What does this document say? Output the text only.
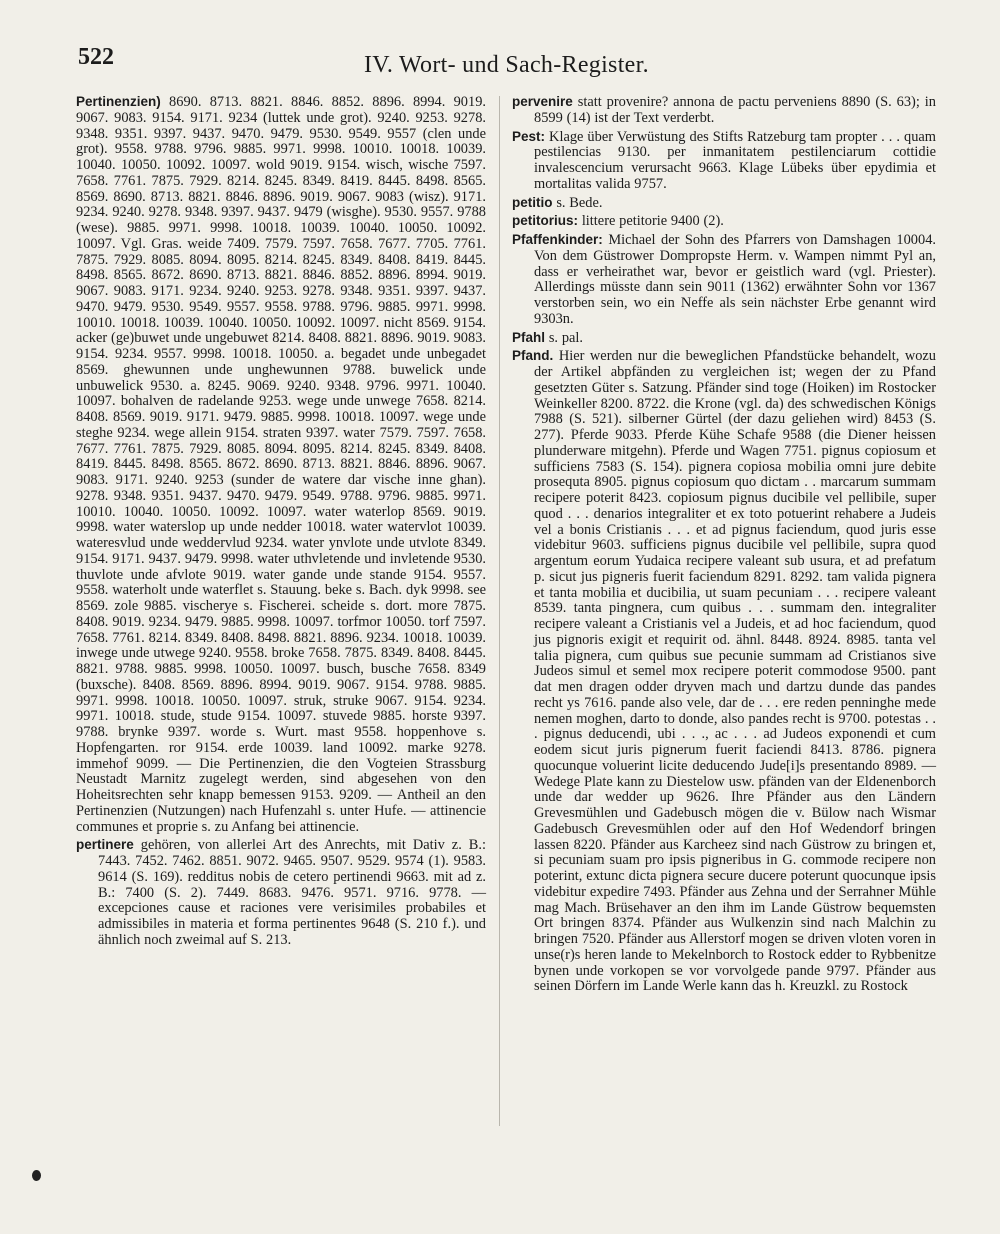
522	IV. Wort- und Sach-Register.

Pertinenzien) 8690. 8713. 8821. 8846. 8852. 8896. 8994. 9019. 9067. 9083. 9154. 9171. 9234 (luttek unde grot). 9240. 9253. 9278. 9348. 9351. 9397. 9437. 9470. 9479. 9530. 9549. 9557 (clen unde grot). 9558. 9788. 9796. 9885. 9971. 9998. 10010. 10018. 10039. 10040. 10050. 10092. 10097. wold 9019. 9154. wisch, wische 7597. 7658. 7761. 7875. 7929. 8214. 8245. 8349. 8419. 8445. 8498. 8565. 8569. 8690. 8713. 8821. 8846. 8896. 9019. 9067. 9083 (wisz). 9171. 9234. 9240. 9278. 9348. 9397. 9437. 9479 (wisghe). 9530. 9557. 9788 (wese). 9885. 9971. 9998. 10018. 10039. 10040. 10050. 10092. 10097. Vgl. Gras. weide 7409. 7579. 7597. 7658. 7677. 7705. 7761. 7875. 7929. 8085. 8094. 8095. 8214. 8245. 8349. 8408. 8419. 8445. 8498. 8565. 8672. 8690. 8713. 8821. 8846. 8852. 8896. 8994. 9019. 9067. 9083. 9171. 9234. 9240. 9253. 9278. 9348. 9351. 9397. 9437. 9470. 9479. 9530. 9549. 9557. 9558. 9788. 9796. 9885. 9971. 9998. 10010. 10018. 10039. 10040. 10050. 10092. 10097. nicht 8569. 9154. acker (ge)buwet unde ungebuwet 8214. 8408. 8821. 8896. 9019. 9083. 9154. 9234. 9557. 9998. 10018. 10050. a. begadet unde unbegadet 8569. ghewunnen unde unghewunnen 9788. buwelick unde unbuwelick 9530. a. 8245. 9069. 9240. 9348. 9796. 9971. 10040. 10097. bohalven de radelande 9253. wege unde unwege 7658. 8214. 8408. 8569. 9019. 9171. 9479. 9885. 9998. 10018. 10097. wege unde steghe 9234. wege allein 9154. straten 9397. water 7579. 7597. 7658. 7677. 7761. 7875. 7929. 8085. 8094. 8095. 8214. 8245. 8349. 8408. 8419. 8445. 8498. 8565. 8672. 8690. 8713. 8821. 8846. 8896. 9067. 9083. 9171. 9240. 9253 (sunder de watere dar vische inne ghan). 9278. 9348. 9351. 9437. 9470. 9479. 9549. 9788. 9796. 9885. 9971. 10010. 10040. 10050. 10092. 10097. water waterlop 8569. 9019. 9998. water waterslop up unde nedder 10018. water watervlot 10039. wateresvlud unde weddervlud 9234. water ynvlote unde utvlote 8349. 9154. 9171. 9437. 9479. 9998. water uthvletende und invletende 9530. thuvlote unde afvlote 9019. water gande unde stande 9154. 9557. 9558. waterholt unde waterflet s. Stauung. beke s. Bach. dyk 9998. see 8569. zole 9885. vischerye s. Fischerei. scheide s. dort. more 7875. 8408. 9019. 9234. 9479. 9885. 9998. 10097. torfmor 10050. torf 7597. 7658. 7761. 8214. 8349. 8408. 8498. 8821. 8896. 9234. 10018. 10039. inwege unde utwege 9240. 9558. broke 7658. 7875. 8349. 8408. 8445. 8821. 9788. 9885. 9998. 10050. 10097. busch, busche 7658. 8349 (buxsche). 8408. 8569. 8896. 8994. 9019. 9067. 9154. 9788. 9885. 9971. 9998. 10018. 10050. 10097. struk, struke 9067. 9154. 9234. 9971. 10018. stude, stude 9154. 10097. stuvede 9885. horste 9397. 9788. brynke 9397. worde s. Wurt. mast 9558. hoppenhove s. Hopfengarten. ror 9154. erde 10039. land 10092. marke 9278. immehof 9099. — Die Pertinenzien, die den Vogteien Strassburg Neustadt Marnitz zugelegt werden, sind abgesehen von den Hoheitsrechten sehr knapp bemessen 9153. 9209. — Antheil an den Pertinenzien (Nutzungen) nach Hufenzahl s. unter Hufe. — attinencie communes et proprie s. zu Anfang bei attinencie.

pertinere gehören, von allerlei Art des Anrechts, mit Dativ z. B.: 7443. 7452. 7462. 8851. 9072. 9465. 9507. 9529. 9574 (1). 9583. 9614 (S. 169). redditus nobis de cetero pertinendi 9663. mit ad z. B.: 7400 (S. 2). 7449. 8683. 9476. 9571. 9716. 9778. — excepciones cause et raciones vere verisimiles probabiles et admissibiles in materia et forma pertinentes 9648 (S. 210 f.). und ähnlich noch zweimal auf S. 213.

pervenire statt provenire? annona de pactu perveniens 8890 (S. 63); in 8599 (14) ist der Text verderbt.

Pest: Klage über Verwüstung des Stifts Ratzeburg tam propter . . . quam pestilencias 9130. per inmanitatem pestilenciarum cottidie invalescencium verursacht 9663. Klage Lübeks über epydimia et mortalitas valida 9757.

petitio s. Bede.

petitorius: littere petitorie 9400 (2).

Pfaffenkinder: Michael der Sohn des Pfarrers von Damshagen 10004. Von dem Güstrower Dompropste Herm. v. Wampen nimmt Pyl an, dass er verheirathet war, bevor er geistlich ward (vgl. Priester). Allerdings müsste dann sein 9011 (1362) erwähnter Sohn vor 1367 verstorben sein, wo ein Neffe als sein nächster Erbe genannt wird 9303n.

Pfahl s. pal.

Pfand. Hier werden nur die beweglichen Pfandstücke behandelt, wozu der Artikel abpfänden zu vergleichen ist; wegen der zu Pfand gesetzten Güter s. Satzung. Pfänder sind toge (Hoiken) im Rostocker Weinkeller 8200. 8722. die Krone (vgl. da) des schwedischen Königs 7988 (S. 521). silberner Gürtel (der dazu geliehen wird) 8453 (S. 277). Pferde 9033. Pferde Kühe Schafe 9588 (die Diener heissen plunderware mitgehn). Pferde und Wagen 7751. pignus copiosum et sufficiens 7583 (S. 154). pignera copiosa mobilia omni jure debite prosequta 8905. pignus copiosum quo dictam . . marcarum summam recipere poterit 8423. copiosum pignus ducibile vel pellibile, super quod . . . denarios integraliter et ex toto potuerint rehabere a Judeis vel a bonis Cristianis . . . et ad pignus faciendum, quod juris esse videbitur 9603. sufficiens pignus ducibile vel pellibile, supra quod argentum eorum Yudaica recipere valeant sub usura, et ad prefatum p. sicut jus pigneris fuerit faciendum 8291. 8292. tam valida pignera et tanta mobilia et ducibilia, ut suam pecuniam . . . recipere valeant 8539. tanta pingnera, cum quibus . . . summam den. integraliter recipere valeant a Cristianis vel a Judeis, et ad hoc faciendum, quod jus pignoris exigit et requirit od. ähnl. 8448. 8924. 8985. tanta vel talia pignera, cum quibus sue pecunie summam ad Cristianos sive Judeos simul et semel mox recipere poterit commodose 9500. pant dat men dragen odder dryven mach und dartzu dunde das pandes recht ys 7616. pande also vele, dar de . . . ere reden penninghe mede nemen moghen, darto to donde, also pandes recht is 9700. potestas . . . pignus deducendi, ubi . . ., ac . . . ad Judeos exponendi et cum eodem sicut juris pignerum fuerit faciendi 8413. 8786. pignera quocunque voluerint licite deducendo Jude[i]s presentando 8989. — Wedege Plate kann zu Diestelow usw. pfänden van der Eldenenborch unde dar wedder up 9626. Ihre Pfänder aus den Ländern Grevesmühlen und Gadebusch mögen die v. Bülow nach Wismar Gadebusch Grevesmühlen oder auf den Hof Wedendorf bringen lassen 8220. Pfänder aus Karcheez sind nach Güstrow zu bringen et, si pecuniam suam pro ipsis pigneribus in G. commode recipere non poterint, extunc dicta pignera secure ducere poterunt quocunque ipsis videbitur expedire 7493. Pfänder aus Zehna und der Serrahner Mühle mag Mach. Brüsehaver an den ihm im Lande Güstrow bequemsten Ort bringen 8374. Pfänder aus Wulkenzin sind nach Malchin zu bringen 7520. Pfänder aus Allerstorf mogen se driven vloten voren in unse(r)s heren lande to Mekelnborch to Rostock edder to Rybbenitze bynen unde vorkopen se vor vorvolgede pande 9797. Pfänder aus seinen Dörfern im Lande Werle kann das h. Kreuzkl. zu Rostock
